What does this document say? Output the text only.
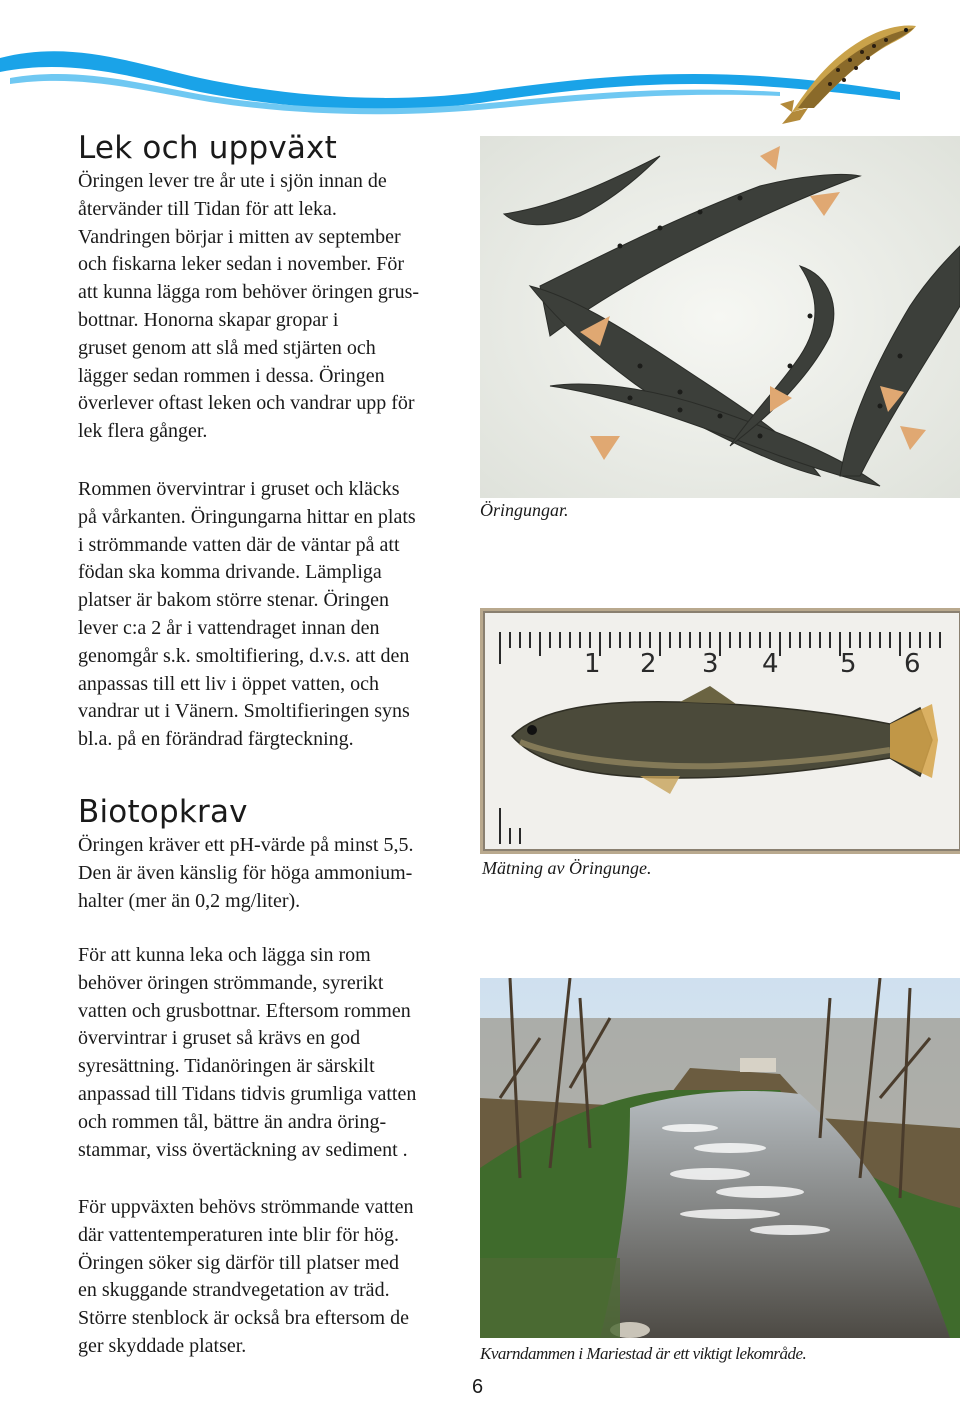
Lek och uppväxt
Öringen lever tre år ute i sjön innan de
återvänder till Tidan för att leka.
Vandringen börjar i mitten av september
och fiskarna leker sedan i november. För
att kunna lägga rom behöver öringen grus-
bottnar. Honorna skapar gropar i
gruset genom att slå med stjärten och
lägger sedan rommen i dessa. Öringen
överlever oftast leken och vandrar upp för
lek flera gånger.
Rommen övervintrar i gruset och kläcks
på vårkanten. Öringungarna hittar en plats
i strömmande vatten där de väntar på att
födan ska komma drivande. Lämpliga
platser är bakom större stenar. Öringen
lever c:a 2 år i vattendraget innan den
genomgår s.k. smoltifiering, d.v.s. att den
anpassas till ett liv i öppet vatten, och
vandrar ut i Vänern. Smoltifieringen syns
bl.a. på en förändrad färgteckning.
Biotopkrav
Öringen kräver ett pH-värde på minst 5,5.
Den är även känslig för höga ammonium-
halter (mer än 0,2 mg/liter).
För att kunna leka och lägga sin rom
behöver öringen strömmande, syrerikt
vatten och grusbottnar. Eftersom rommen
övervintrar i gruset så krävs en god
syresättning. Tidanöringen är särskilt
anpassad till Tidans tidvis grumliga vatten
och rommen tål, bättre än andra öring-
stammar, viss övertäckning av sediment .
För uppväxten behövs strömmande vatten
där vattentemperaturen inte blir för hög.
Öringen söker sig därför till platser med
en skuggande strandvegetation av träd.
Större stenblock är också bra eftersom de
ger skyddade platser.

Öringungar.

1 2 3 4 5 6

Mätning av Öringunge.

Kvarndammen i Mariestad är ett viktigt lekområde.

6
